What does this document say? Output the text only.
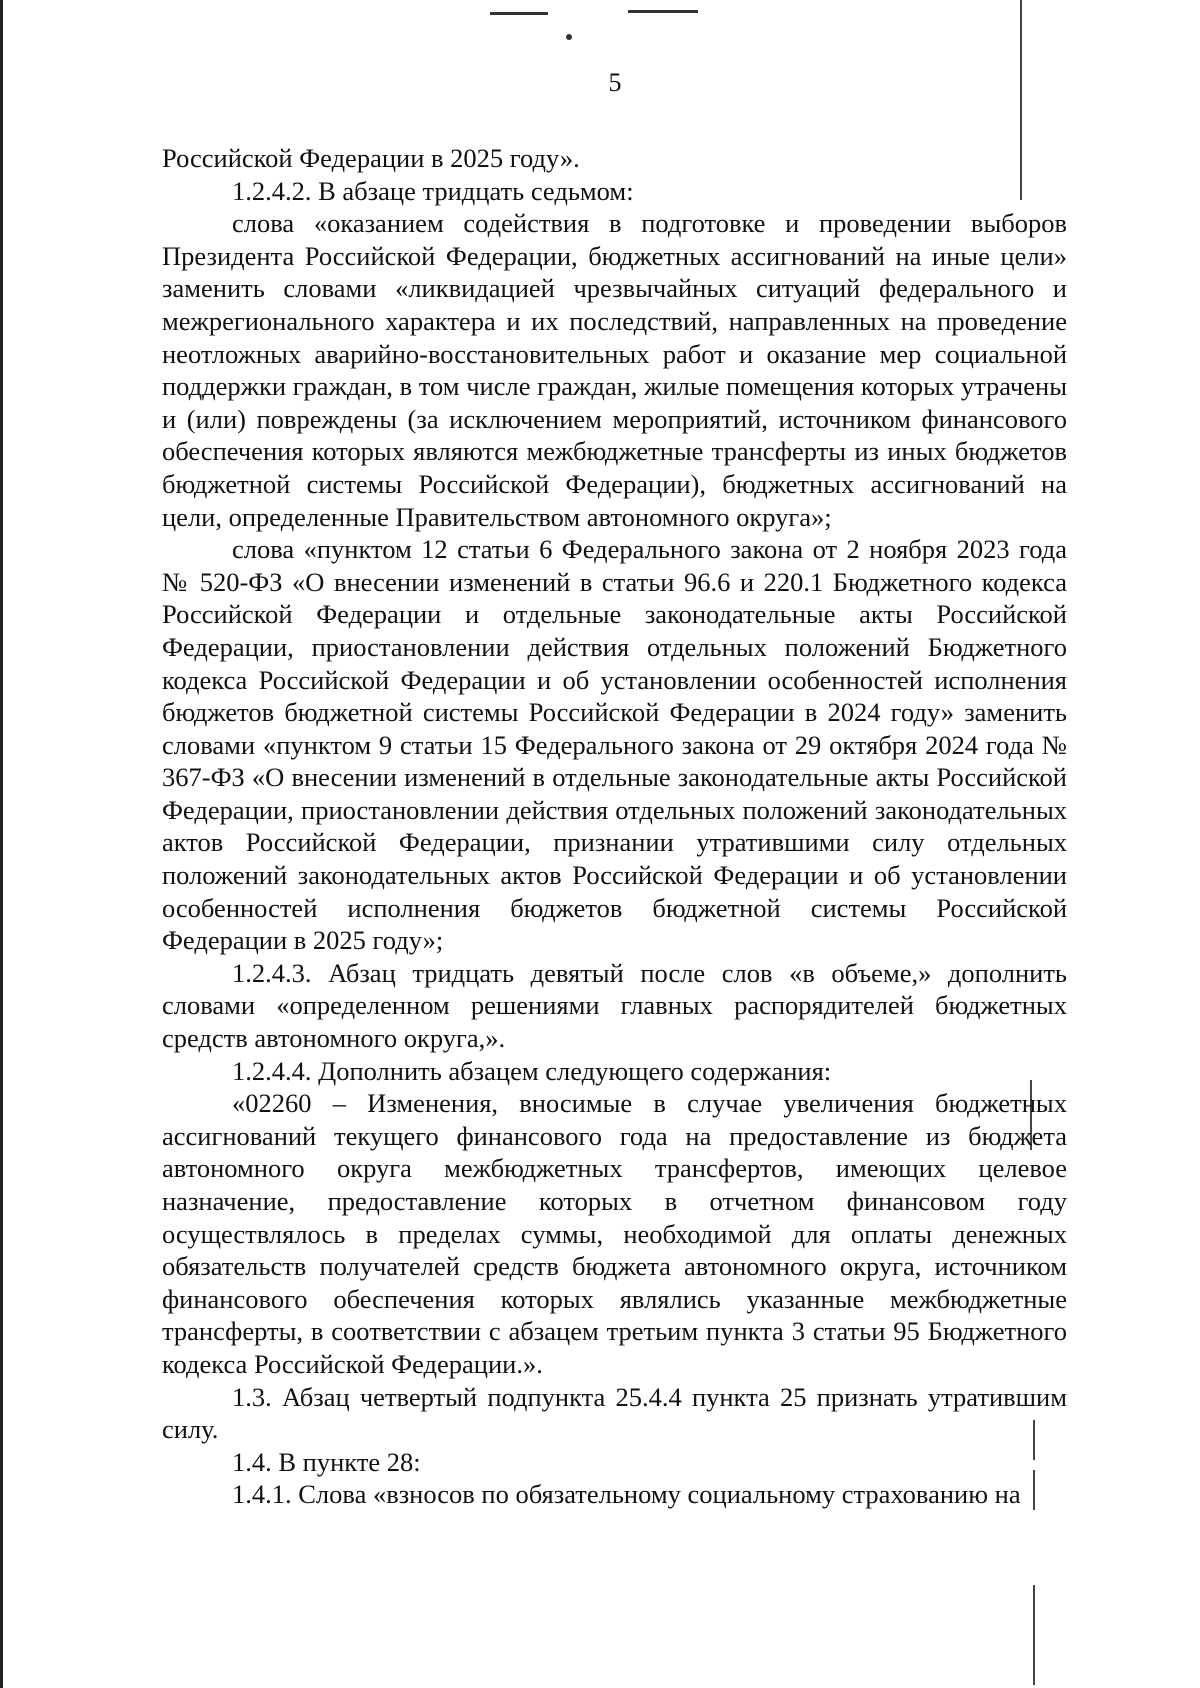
5

Российской Федерации в 2025 году».

1.2.4.2. В абзаце тридцать седьмом:

слова «оказанием содействия в подготовке и проведении выборов Президента Российской Федерации, бюджетных ассигнований на иные цели» заменить словами «ликвидацией чрезвычайных ситуаций федерального и межрегионального характера и их последствий, направленных на проведение неотложных аварийно-восстановительных работ и оказание мер социальной поддержки граждан, в том числе граждан, жилые помещения которых утрачены и (или) повреждены (за исключением мероприятий, источником финансового обеспечения которых являются межбюджетные трансферты из иных бюджетов бюджетной системы Российской Федерации), бюджетных ассигнований на цели, определенные Правительством автономного округа»;

слова «пунктом 12 статьи 6 Федерального закона от 2 ноября 2023 года № 520-ФЗ «О внесении изменений в статьи 96.6 и 220.1 Бюджетного кодекса Российской Федерации и отдельные законодательные акты Российской Федерации, приостановлении действия отдельных положений Бюджетного кодекса Российской Федерации и об установлении особенностей исполнения бюджетов бюджетной системы Российской Федерации в 2024 году» заменить словами «пунктом 9 статьи 15 Федерального закона от 29 октября 2024 года № 367-ФЗ «О внесении изменений в отдельные законодательные акты Российской Федерации, приостановлении действия отдельных положений законодательных актов Российской Федерации, признании утратившими силу отдельных положений законодательных актов Российской Федерации и об установлении особенностей исполнения бюджетов бюджетной системы Российской Федерации в 2025 году»;

1.2.4.3. Абзац тридцать девятый после слов «в объеме,» дополнить словами «определенном решениями главных распорядителей бюджетных средств автономного округа,».

1.2.4.4. Дополнить абзацем следующего содержания:

«02260 – Изменения, вносимые в случае увеличения бюджетных ассигнований текущего финансового года на предоставление из бюджета автономного округа межбюджетных трансфертов, имеющих целевое назначение, предоставление которых в отчетном финансовом году осуществлялось в пределах суммы, необходимой для оплаты денежных обязательств получателей средств бюджета автономного округа, источником финансового обеспечения которых являлись указанные межбюджетные трансферты, в соответствии с абзацем третьим пункта 3 статьи 95 Бюджетного кодекса Российской Федерации.».

1.3. Абзац четвертый подпункта 25.4.4 пункта 25 признать утратившим силу.

1.4. В пункте 28:

1.4.1. Слова «взносов по обязательному социальному страхованию на
